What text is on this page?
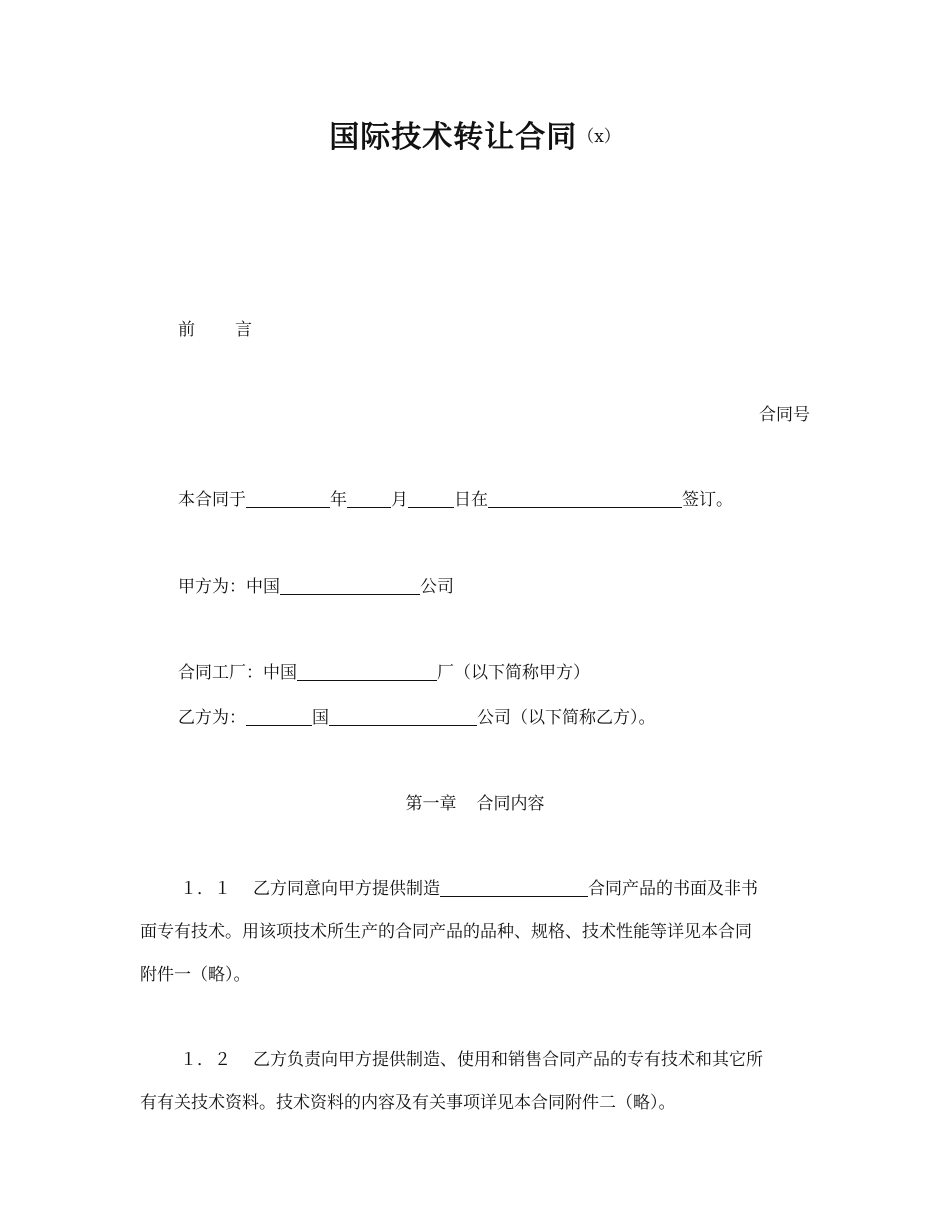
国际技术转让合同（x）
前 言
合同号
本合同于	年	月	日在	签订。
甲方为：中国	公司
合同工厂：中国	厂（以下简称甲方）
乙方为：	国	公司（以下简称乙方）。
第一章 合同内容
１．１ 乙方同意向甲方提供制造	合同产品的书面及非书
面专有技术。用该项技术所生产的合同产品的品种、规格、技术性能等详见本合同
附件一（略）。
１．２ 乙方负责向甲方提供制造、使用和销售合同产品的专有技术和其它所
有有关技术资料。技术资料的内容及有关事项详见本合同附件二（略）。
